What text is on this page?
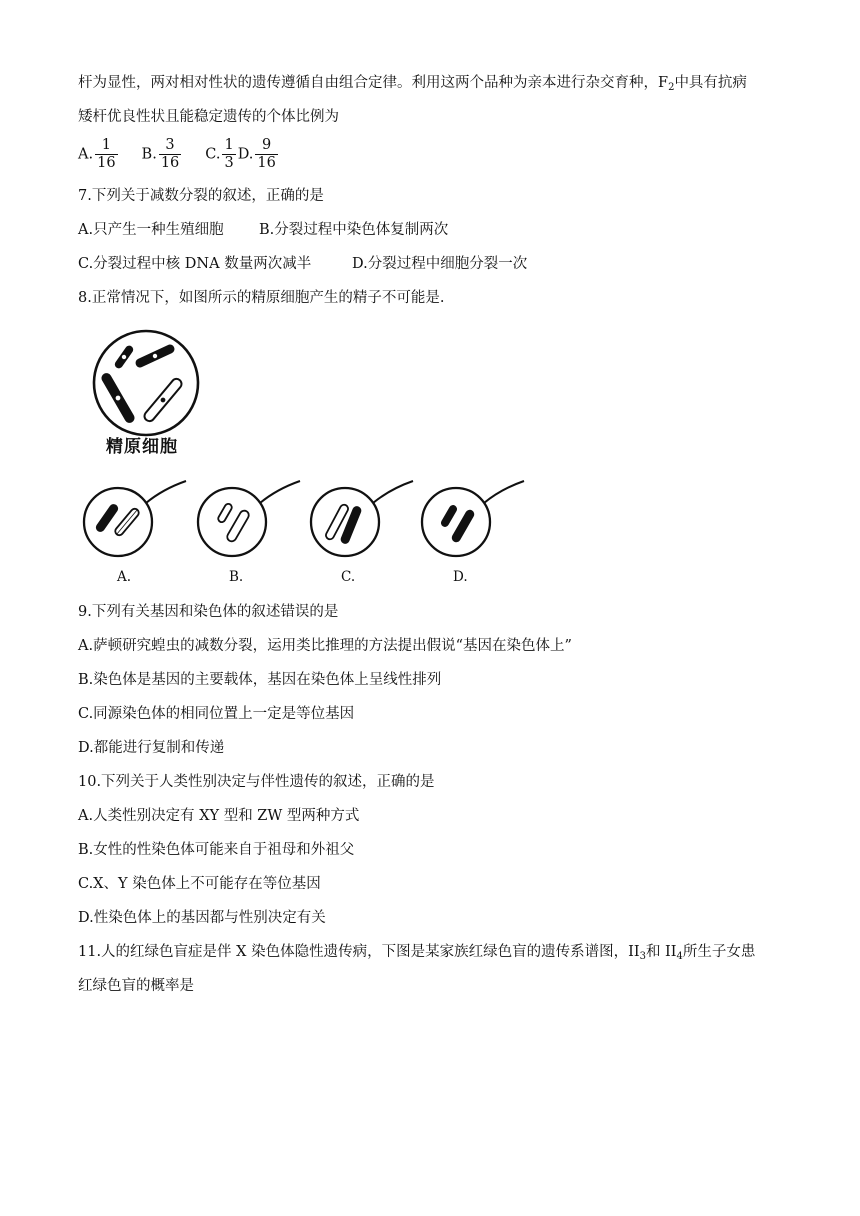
杆为显性，两对相对性状的遗传遵循自由组合定律。利用这两个品种为亲本进行杂交育种，$F_2$中具有抗病
矮杆优良性状且能稳定遗传的个体比例为
A. $\frac{1}{16} B$. $\frac{3}{16} C$. $\frac{1}{3} D$. $\frac{9}{16}$
7.下列关于减数分裂的叙述，正确的是
A.只产生一种生殖细胞 B.分裂过程中染色体复制两次
C.分裂过程中核 DNA 数量两次减半	D.分裂过程中细胞分裂一次
8.正常情况下，如图所示的精原细胞产生的精子不可能是.
精原细胞
A.	B.	C.	D.
9.下列有关基因和染色体的叙述错误的是
A.萨顿研究蝗虫的减数分裂，运用类比推理的方法提出假说“基因在染色体上”
B.染色体是基因的主要载体，基因在染色体上呈线性排列
C.同源染色体的相同位置上一定是等位基因
D.都能进行复制和传递
10.下列关于人类性别决定与伴性遗传的叙述，正确的是
A.人类性别决定有 XY 型和 ZW 型两种方式
B.女性的性染色体可能来自于祖母和外祖父
C.X、Y 染色体上不可能存在等位基因
D.性染色体上的基因都与性别决定有关
11.人的红绿色盲症是伴 X 染色体隐性遗传病，下图是某家族红绿色盲的遗传系谱图，$II_3$和 $II_4$所生子女患
红绿色盲的概率是
